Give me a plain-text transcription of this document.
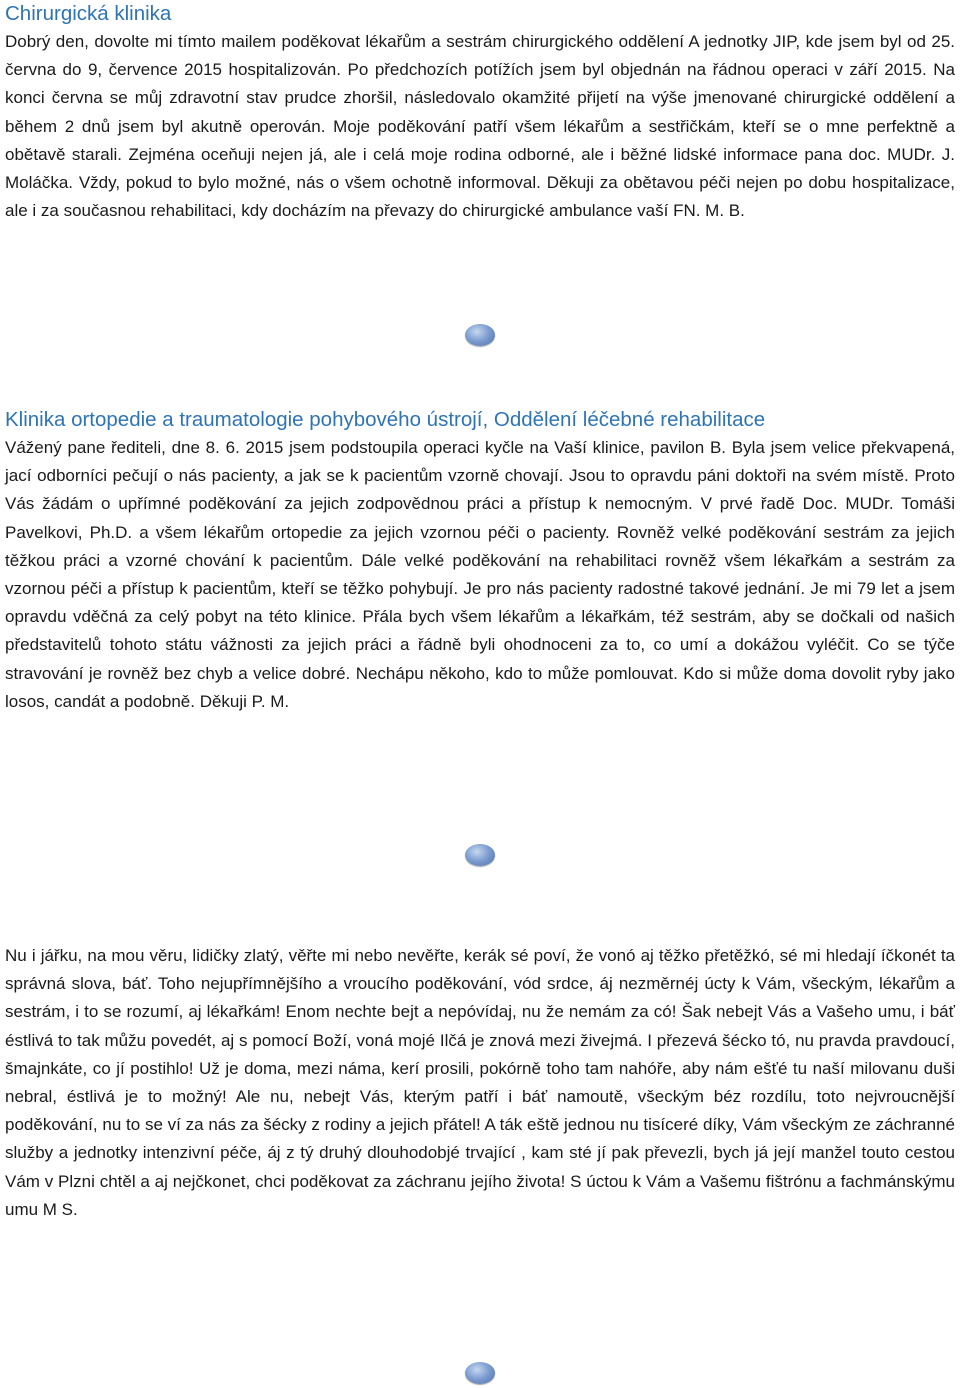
Chirurgická klinika

Dobrý den, dovolte mi tímto mailem poděkovat lékařům a sestrám chirurgického oddělení A jednotky JIP, kde jsem byl od 25. června do 9, července 2015 hospitalizován. Po předchozích potížích jsem byl objednán na řádnou operaci v září 2015. Na konci června se můj zdravotní stav prudce zhoršil, následovalo okamžité přijetí na výše jmenované chirurgické oddělení a během 2 dnů jsem byl akutně operován. Moje poděkování patří všem lékařům a sestřičkám, kteří se o mne perfektně a obětavě starali. Zejména oceňuji nejen já, ale i celá moje rodina odborné, ale i běžné lidské informace pana doc. MUDr. J. Moláčka. Vždy, pokud to bylo možné, nás o všem ochotně informoval. Děkuji za obětavou péči nejen po dobu hospitalizace, ale i za současnou rehabilitaci, kdy docházím na převazy do chirurgické ambulance vaší FN. M. B.

Klinika ortopedie a traumatologie pohybového ústrojí, Oddělení léčebné rehabilitace

Vážený pane řediteli, dne 8. 6. 2015 jsem podstoupila operaci kyčle na Vaší klinice, pavilon B. Byla jsem velice překvapená, jací odborníci pečují o nás pacienty, a jak se k pacientům vzorně chovají. Jsou to opravdu páni doktoři na svém místě. Proto Vás žádám o upřímné poděkování za jejich zodpovědnou práci a přístup k nemocným. V prvé řadě Doc. MUDr. Tomáši Pavelkovi, Ph.D. a všem lékařům ortopedie za jejich vzornou péči o pacienty. Rovněž velké poděkování sestrám za jejich těžkou práci a vzorné chování k pacientům. Dále velké poděkování na rehabilitaci rovněž všem lékařkám a sestrám za vzornou péči a přístup k pacientům, kteří se těžko pohybují. Je pro nás pacienty radostné takové jednání. Je mi 79 let a jsem opravdu vděčná za celý pobyt na této klinice. Přála bych všem lékařům a lékařkám, též sestrám, aby se dočkali od našich představitelů tohoto státu vážnosti za jejich práci a řádně byli ohodnoceni za to, co umí a dokážou vyléčit. Co se týče stravování je rovněž bez chyb a velice dobré. Nechápu někoho, kdo to může pomlouvat. Kdo si může doma dovolit ryby jako losos, candát a podobně. Děkuji P. M.

Nu i jářku, na mou věru, lidičky zlatý, věřte mi nebo nevěřte, kerák sé poví, že vonó aj těžko přetěžkó, sé mi hledají íčkonét ta správná slova, báť. Toho nejupřímnějšího a vroucího poděkování, vód srdce, áj nezměrnéj úcty k Vám, všeckým, lékařům a sestrám, i to se rozumí, aj lékařkám! Enom nechte bejt a nepóvídaj, nu že nemám za có! Šak nebejt Vás a Vašeho umu, i báť éstlivá to tak můžu povedét, aj s pomocí Boží, voná mojé Ilčá je znová mezi živejmá. I přezevá šécko tó, nu pravda pravdoucí, šmajnkáte, co jí postihlo! Už je doma, mezi náma, kerí prosili, pokórně toho tam nahóře, aby nám ešťé tu naší milovanu duši nebral, éstlivá je to možný! Ale nu, nebejt Vás, kterým patří i báť namoutě, všeckým béz rozdílu, toto nejvroucnější poděkování, nu to se ví za nás za šécky z rodiny a jejich přátel! A ták eště jednou nu tisíceré díky, Vám všeckým ze záchranné služby a jednotky intenzivní péče, áj z tý druhý dlouhodobjé trvající , kam sté jí pak převezli, bych já její manžel touto cestou Vám v Plzni chtěl a aj nejčkonet, chci poděkovat za záchranu jejího života! S úctou k Vám a Vašemu fištrónu a fachmánskýmu umu M S.
